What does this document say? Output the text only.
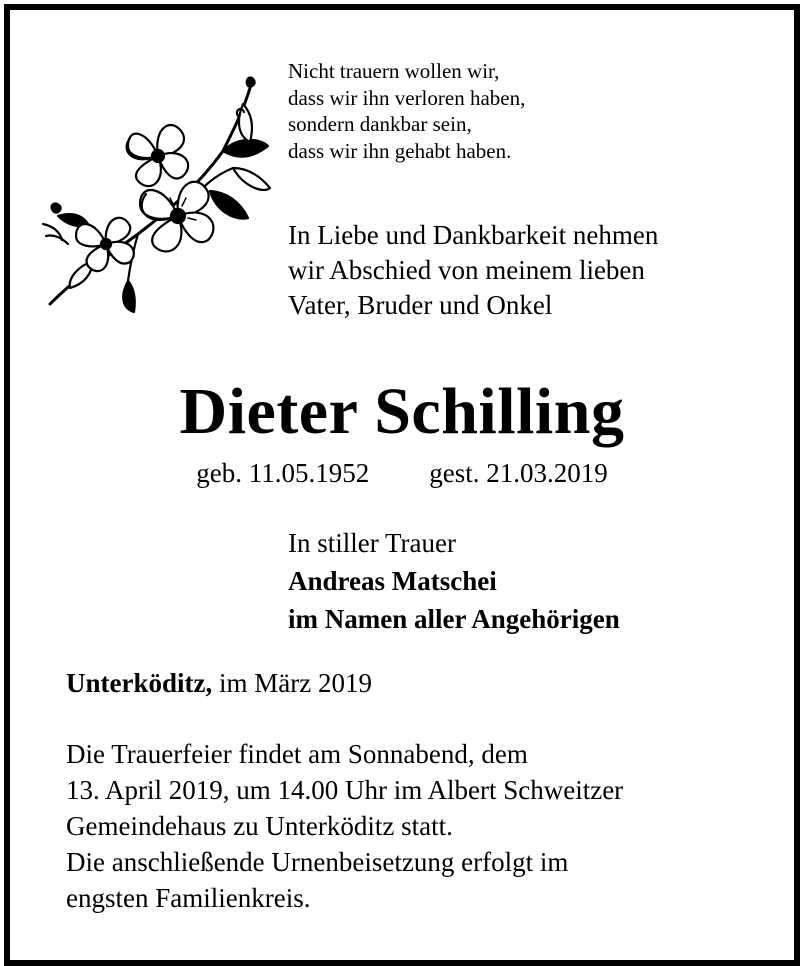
Nicht trauern wollen wir,
dass wir ihn verloren haben,
sondern dankbar sein,
dass wir ihn gehabt haben.
In Liebe und Dankbarkeit nehmen
wir Abschied von meinem lieben
Vater, Bruder und Onkel
Dieter Schilling
geb. 11.05.1952 gest. 21.03.2019
In stiller Trauer
Andreas Matschei
im Namen aller Angehörigen
Unterköditz, im März 2019
Die Trauerfeier findet am Sonnabend, dem
13. April 2019, um 14.00 Uhr im Albert Schweitzer
Gemeindehaus zu Unterköditz statt.
Die anschließende Urnenbeisetzung erfolgt im
engsten Familienkreis.
